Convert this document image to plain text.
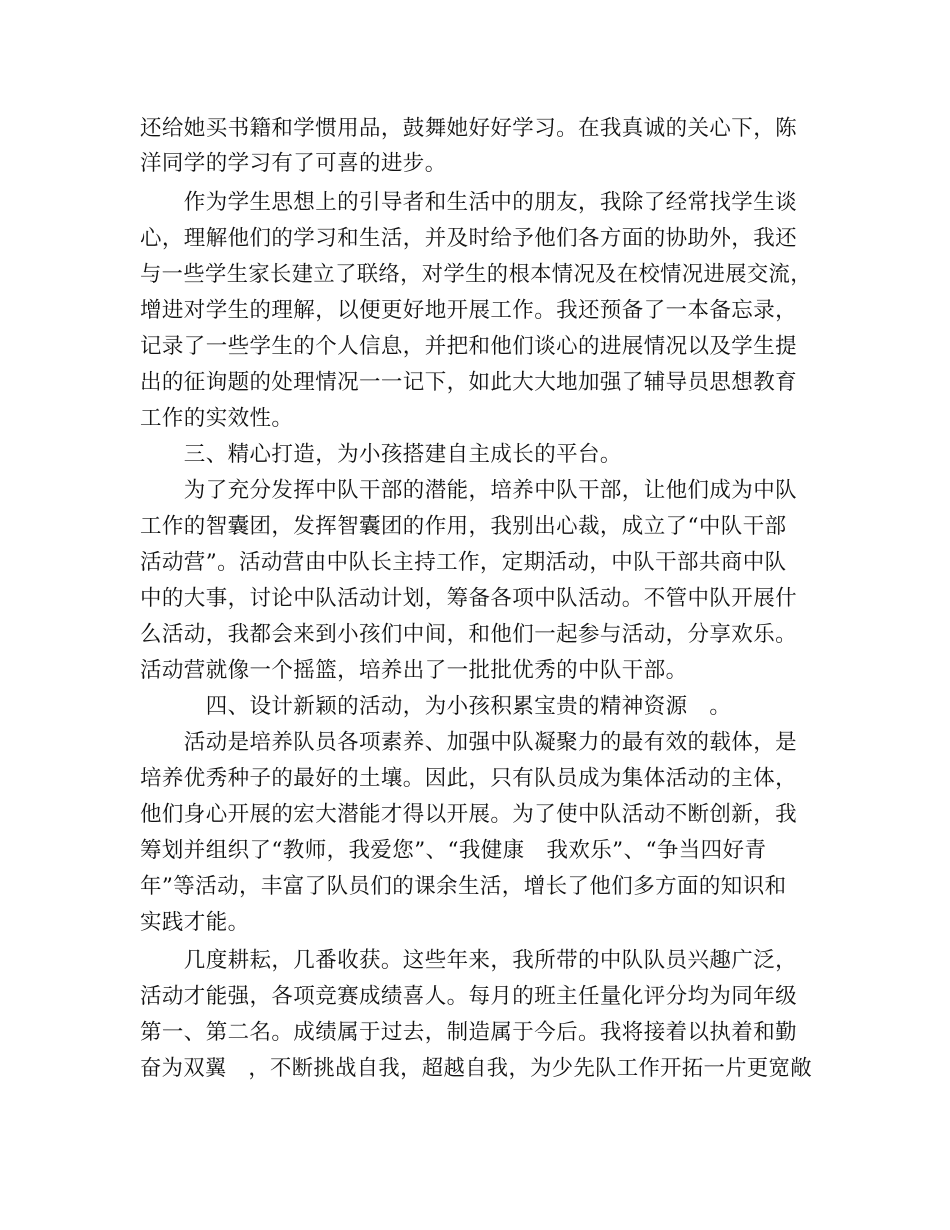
还给她买书籍和学惯用品，鼓舞她好好学习。在我真诚的关心下，陈
洋同学的学习有了可喜的进步。
　　作为学生思想上的引导者和生活中的朋友，我除了经常找学生谈
心，理解他们的学习和生活，并及时给予他们各方面的协助外，我还
与一些学生家长建立了联络，对学生的根本情况及在校情况进展交流，
增进对学生的理解，以便更好地开展工作。我还预备了一本备忘录，
记录了一些学生的个人信息，并把和他们谈心的进展情况以及学生提
出的征询题的处理情况一一记下，如此大大地加强了辅导员思想教育
工作的实效性。
　　三、精心打造，为小孩搭建自主成长的平台。
　　为了充分发挥中队干部的潜能，培养中队干部，让他们成为中队
工作的智囊团，发挥智囊团的作用，我别出心裁，成立了“中队干部
活动营”。活动营由中队长主持工作，定期活动，中队干部共商中队
中的大事，讨论中队活动计划，筹备各项中队活动。不管中队开展什
么活动，我都会来到小孩们中间，和他们一起参与活动，分享欢乐。
活动营就像一个摇篮，培养出了一批批优秀的中队干部。
　　　四、设计新颖的活动，为小孩积累宝贵的精神资源　。
　　活动是培养队员各项素养、加强中队凝聚力的最有效的载体，是
培养优秀种子的最好的土壤。因此，只有队员成为集体活动的主体，
他们身心开展的宏大潜能才得以开展。为了使中队活动不断创新，我
筹划并组织了“教师，我爱您”、“我健康　我欢乐”、“争当四好青
年”等活动，丰富了队员们的课余生活，增长了他们多方面的知识和
实践才能。
　　几度耕耘，几番收获。这些年来，我所带的中队队员兴趣广泛，
活动才能强，各项竞赛成绩喜人。每月的班主任量化评分均为同年级
第一、第二名。成绩属于过去，制造属于今后。我将接着以执着和勤
奋为双翼　，不断挑战自我，超越自我，为少先队工作开拓一片更宽敞
